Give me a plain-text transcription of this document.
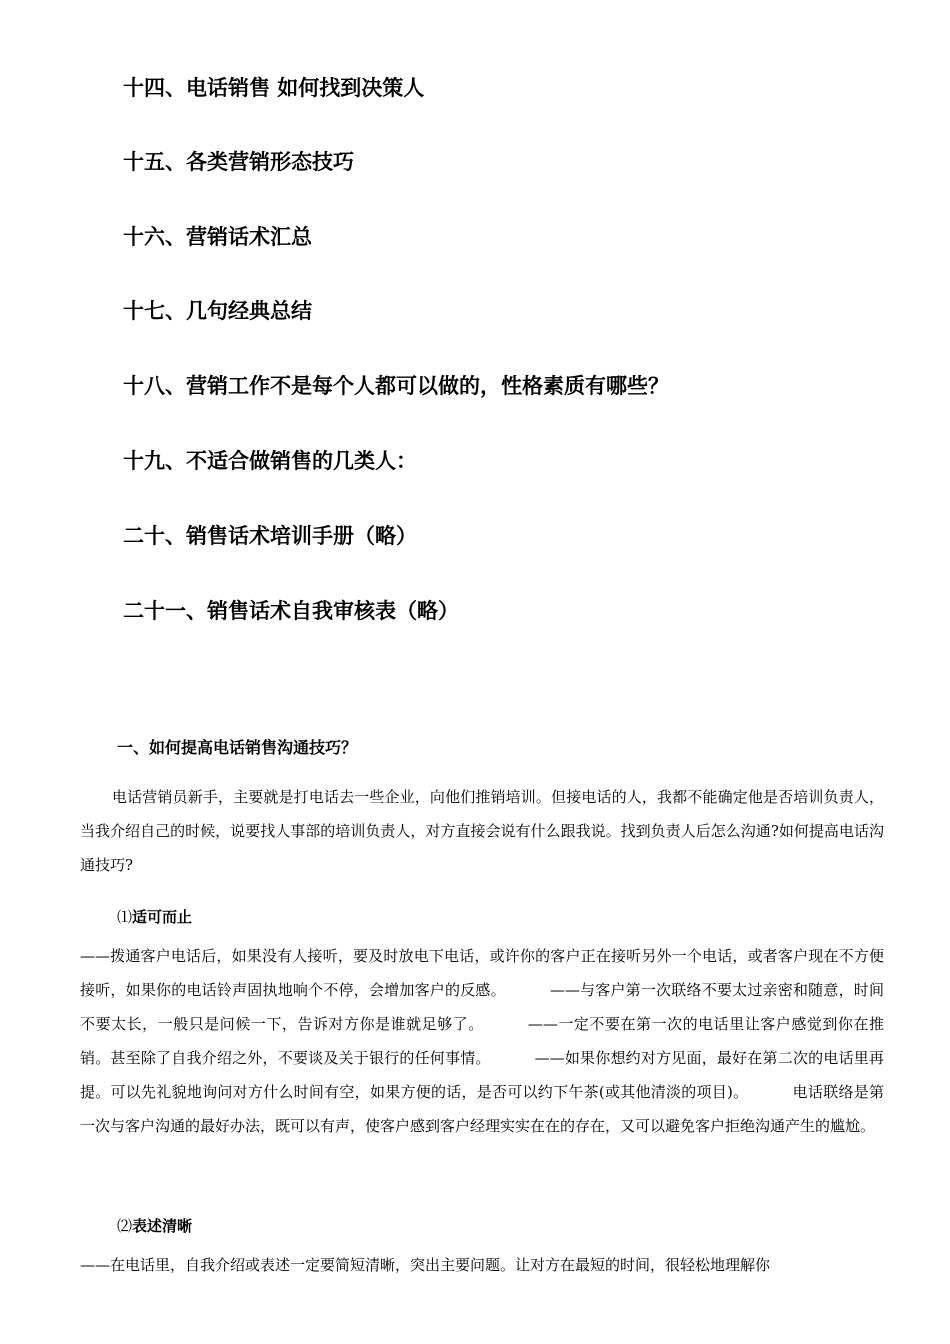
十四、电话销售 如何找到决策人
十五、各类营销形态技巧
十六、营销话术汇总
十七、几句经典总结
十八、营销工作不是每个人都可以做的，性格素质有哪些？
十九、不适合做销售的几类人：
二十、销售话术培训手册（略）
二十一、销售话术自我审核表（略）
一、如何提高电话销售沟通技巧？
电话营销员新手，主要就是打电话去一些企业，向他们推销培训。但接电话的人，我都不能确定他是否培训负责人，当我介绍自己的时候，说要找人事部的培训负责人，对方直接会说有什么跟我说。找到负责人后怎么沟通?如何提高电话沟通技巧?
⑴适可而止
——拨通客户电话后，如果没有人接听，要及时放电下电话，或许你的客户正在接听另外一个电话，或者客户现在不方便接听，如果你的电话铃声固执地响个不停，会增加客户的反感。	——与客户第一次联络不要太过亲密和随意，时间不要太长，一般只是问候一下，告诉对方你是谁就足够了。	——一定不要在第一次的电话里让客户感觉到你在推销。甚至除了自我介绍之外，不要谈及关于银行的任何事情。	——如果你想约对方见面，最好在第二次的电话里再提。可以先礼貌地询问对方什么时间有空，如果方便的话，是否可以约下午茶(或其他清淡的项目)。	电话联络是第一次与客户沟通的最好办法，既可以有声，使客户感到客户经理实实在在的存在，又可以避免客户拒绝沟通产生的尴尬。
⑵表述清晰
——在电话里，自我介绍或表述一定要简短清晰，突出主要问题。让对方在最短的时间，很轻松地理解你
